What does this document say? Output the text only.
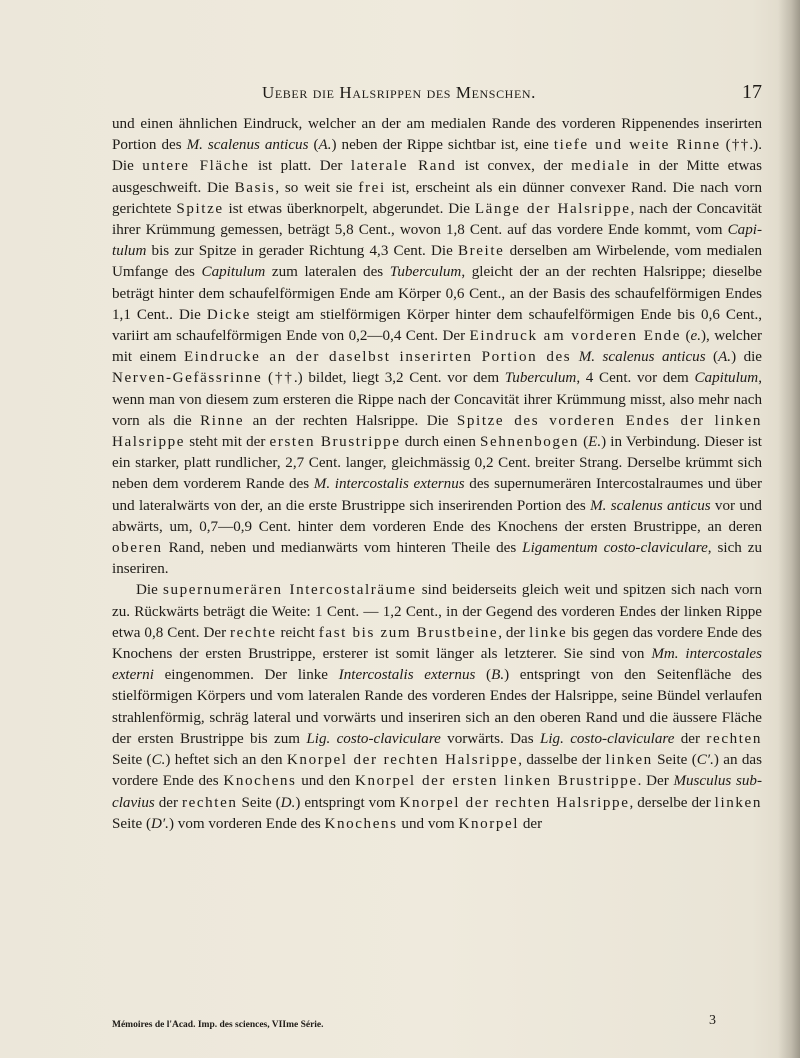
Ueber die Halsrippen des Menschen.	17

und einen ähnlichen Eindruck, welcher an der am medialen Rande des vorderen Rippenendes inserirten Portion des M. scalenus anticus (A.) neben der Rippe sichtbar ist, eine tiefe und weite Rinne (††.). Die untere Fläche ist platt. Der laterale Rand ist convex, der mediale in der Mitte etwas ausgeschweift. Die Basis, so weit sie frei ist, erscheint als ein dünner convexer Rand. Die nach vorn gerichtete Spitze ist etwas überknorpelt, abgerundet. Die Länge der Halsrippe, nach der Concavität ihrer Krümmung gemessen, beträgt 5,8 Cent., wovon 1,8 Cent. auf das vordere Ende kommt, vom Capitulum bis zur Spitze in gerader Richtung 4,3 Cent. Die Breite derselben am Wirbelende, vom medialen Umfange des Capitulum zum lateralen des Tuberculum, gleicht der an der rechten Halsrippe; dieselbe beträgt hinter dem schaufelförmigen Ende am Körper 0,6 Cent., an der Basis des schaufelförmigen Endes 1,1 Cent.. Die Dicke steigt am stielförmigen Körper hinter dem schaufelförmigen Ende bis 0,6 Cent., variirt am schaufelförmigen Ende von 0,2—0,4 Cent. Der Eindruck am vorderen Ende (e.), welcher mit einem Eindrucke an der daselbst inserirten Portion des M. scalenus anticus (A.) die Nerven-Gefässrinne (††.) bildet, liegt 3,2 Cent. vor dem Tuberculum, 4 Cent. vor dem Capitulum, wenn man von diesem zum ersteren die Rippe nach der Concavität ihrer Krümmung misst, also mehr nach vorn als die Rinne an der rechten Halsrippe. Die Spitze des vorderen Endes der linken Halsrippe steht mit der ersten Brustrippe durch einen Sehnenbogen (E.) in Verbindung. Dieser ist ein starker, platt rundlicher, 2,7 Cent. langer, gleichmässig 0,2 Cent. breiter Strang. Derselbe krümmt sich neben dem vorderem Rande des M. intercostalis externus des supernumerären Intercostalraumes und über und lateralwärts von der, an die erste Brustrippe sich inserirenden Portion des M. scalenus anticus vor und abwärts, um, 0,7—0,9 Cent. hinter dem vorderen Ende des Knochens der ersten Brustrippe, an deren oberen Rand, neben und medianwärts vom hinteren Theile des Ligamentum costo-claviculare, sich zu inseriren.

Die supernumerären Intercostalräume sind beiderseits gleich weit und spitzen sich nach vorn zu. Rückwärts beträgt die Weite: 1 Cent. — 1,2 Cent., in der Gegend des vorderen Endes der linken Rippe etwa 0,8 Cent. Der rechte reicht fast bis zum Brustbeine, der linke bis gegen das vordere Ende des Knochens der ersten Brustrippe, ersterer ist somit länger als letzterer. Sie sind von Mm. intercostales externi eingenommen. Der linke Intercostalis externus (B.) entspringt von den Seitenfläche des stielförmigen Körpers und vom lateralen Rande des vorderen Endes der Halsrippe, seine Bündel verlaufen strahlenförmig, schräg lateral und vorwärts und inseriren sich an den oberen Rand und die äussere Fläche der ersten Brustrippe bis zum Lig. costo-claviculare vorwärts. Das Lig. costo-claviculare der rechten Seite (C.) heftet sich an den Knorpel der rechten Halsrippe, dasselbe der linken Seite (C′.) an das vordere Ende des Knochens und den Knorpel der ersten linken Brustrippe. Der Musculus subclavius der rechten Seite (D.) entspringt vom Knorpel der rechten Halsrippe, derselbe der linken Seite (D′.) vom vorderen Ende des Knochens und vom Knorpel der

Mémoires de l'Acad. Imp. des sciences, VIIme Série.	3
